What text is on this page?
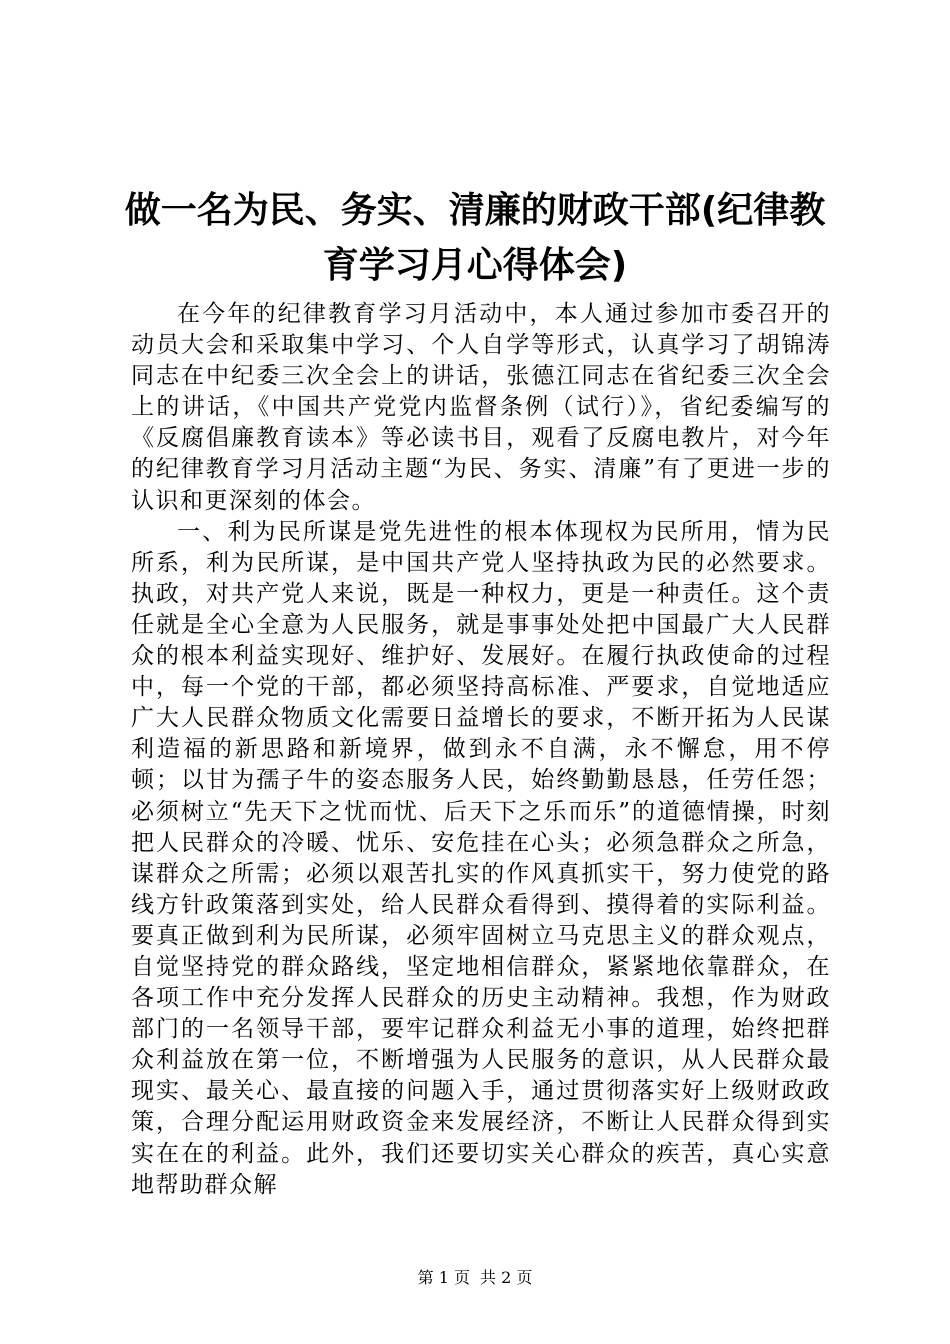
做一名为民、务实、清廉的财政干部(纪律教
育学习月心得体会)

在今年的纪律教育学习月活动中，本人通过参加市委召开的动员大会和采取集中学习、个人自学等形式，认真学习了胡锦涛同志在中纪委三次全会上的讲话，张德江同志在省纪委三次全会上的讲话，《中国共产党党内监督条例（试行）》，省纪委编写的《反腐倡廉教育读本》等必读书目，观看了反腐电教片，对今年的纪律教育学习月活动主题“为民、务实、清廉”有了更进一步的认识和更深刻的体会。

一、利为民所谋是党先进性的根本体现权为民所用，情为民所系，利为民所谋，是中国共产党人坚持执政为民的必然要求。执政，对共产党人来说，既是一种权力，更是一种责任。这个责任就是全心全意为人民服务，就是事事处处把中国最广大人民群众的根本利益实现好、维护好、发展好。在履行执政使命的过程中，每一个党的干部，都必须坚持高标准、严要求，自觉地适应广大人民群众物质文化需要日益增长的要求，不断开拓为人民谋利造福的新思路和新境界，做到永不自满，永不懈怠，用不停顿；以甘为孺子牛的姿态服务人民，始终勤勤恳恳，任劳任怨；必须树立“先天下之忧而忧、后天下之乐而乐”的道德情操，时刻把人民群众的冷暖、忧乐、安危挂在心头；必须急群众之所急，谋群众之所需；必须以艰苦扎实的作风真抓实干，努力使党的路线方针政策落到实处，给人民群众看得到、摸得着的实际利益。要真正做到利为民所谋，必须牢固树立马克思主义的群众观点，自觉坚持党的群众路线，坚定地相信群众，紧紧地依靠群众，在各项工作中充分发挥人民群众的历史主动精神。我想，作为财政部门的一名领导干部，要牢记群众利益无小事的道理，始终把群众利益放在第一位，不断增强为人民服务的意识，从人民群众最现实、最关心、最直接的问题入手，通过贯彻落实好上级财政政策，合理分配运用财政资金来发展经济，不断让人民群众得到实实在在的利益。此外，我们还要切实关心群众的疾苦，真心实意地帮助群众解

第 1 页 共 2 页
